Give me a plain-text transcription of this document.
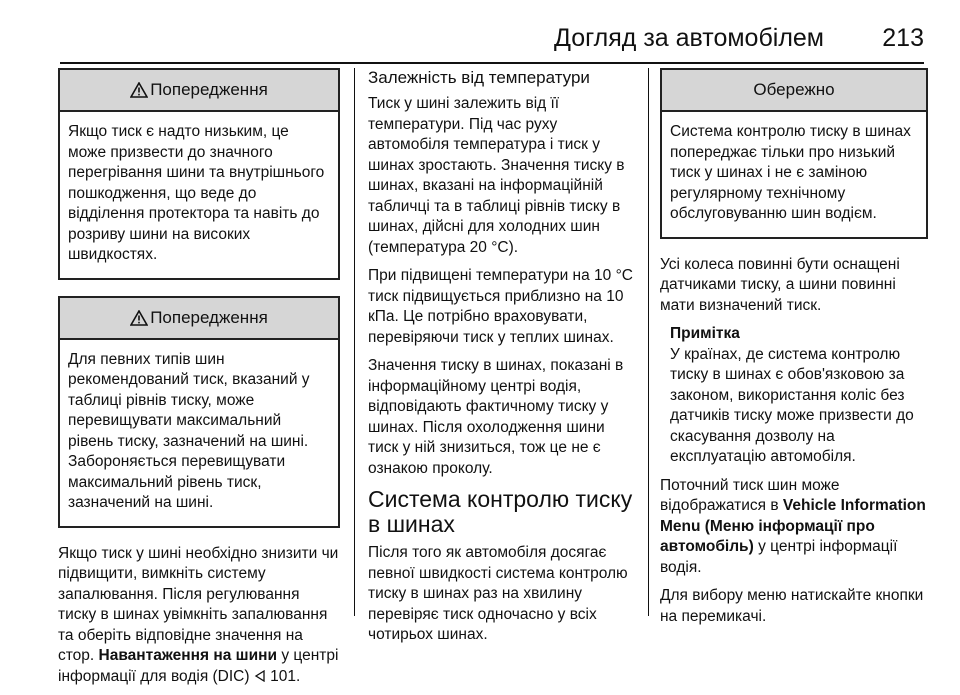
Догляд за автомобілем 213
Попередження
Якщо тиск є надто низьким, це може призвести до значного перегрівання шини та внутрішнього пошкодження, що веде до відділення протектора та навіть до розриву шини на високих швидкостях.
Попередження
Для певних типів шин рекомендований тиск, вказаний у таблиці рівнів тиску, може перевищувати максимальний рівень тиску, зазначений на шині. Забороняється перевищувати максимальний рівень тиск, зазначений на шині.

Якщо тиск у шині необхідно знизити чи підвищити, вимкніть систему запалювання. Після регулювання тиску в шинах увімкніть запалювання та оберіть відповідне значення на стор. Навантаження на шини у центрі інформації для водія (DIC) 101.

Залежність від температури

Тиск у шині залежить від її температури. Під час руху автомобіля температура і тиск у шинах зростають. Значення тиску в шинах, вказані на інформаційній табличці та в таблиці рівнів тиску в шинах, дійсні для холодних шин (температура 20 °C).

При підвищені температури на 10 °C тиск підвищується приблизно на 10 кПа. Це потрібно враховувати, перевіряючи тиск у теплих шинах.

Значення тиску в шинах, показані в інформаційному центрі водія, відповідають фактичному тиску у шинах. Після охолодження шини тиск у ній знизиться, тож це не є ознакою проколу.

Система контролю тиску в шинах

Після того як автомобіля досягає певної швидкості система контролю тиску в шинах раз на хвилину перевіряє тиск одночасно у всіх чотирьох шинах.

Обережно
Система контролю тиску в шинах попереджає тільки про низький тиск у шинах і не є заміною регулярному технічному обслуговуванню шин водієм.

Усі колеса повинні бути оснащені датчиками тиску, а шини повинні мати визначений тиск.

Примітка

У країнах, де система контролю тиску в шинах є обов'язковою за законом, використання коліс без датчиків тиску може призвести до скасування дозволу на експлуатацію автомобіля.

Поточний тиск шин може відображатися в Vehicle Information Menu (Меню інформації про автомобіль) у центрі інформації водія.

Для вибору меню натискайте кнопки на перемикачі.
